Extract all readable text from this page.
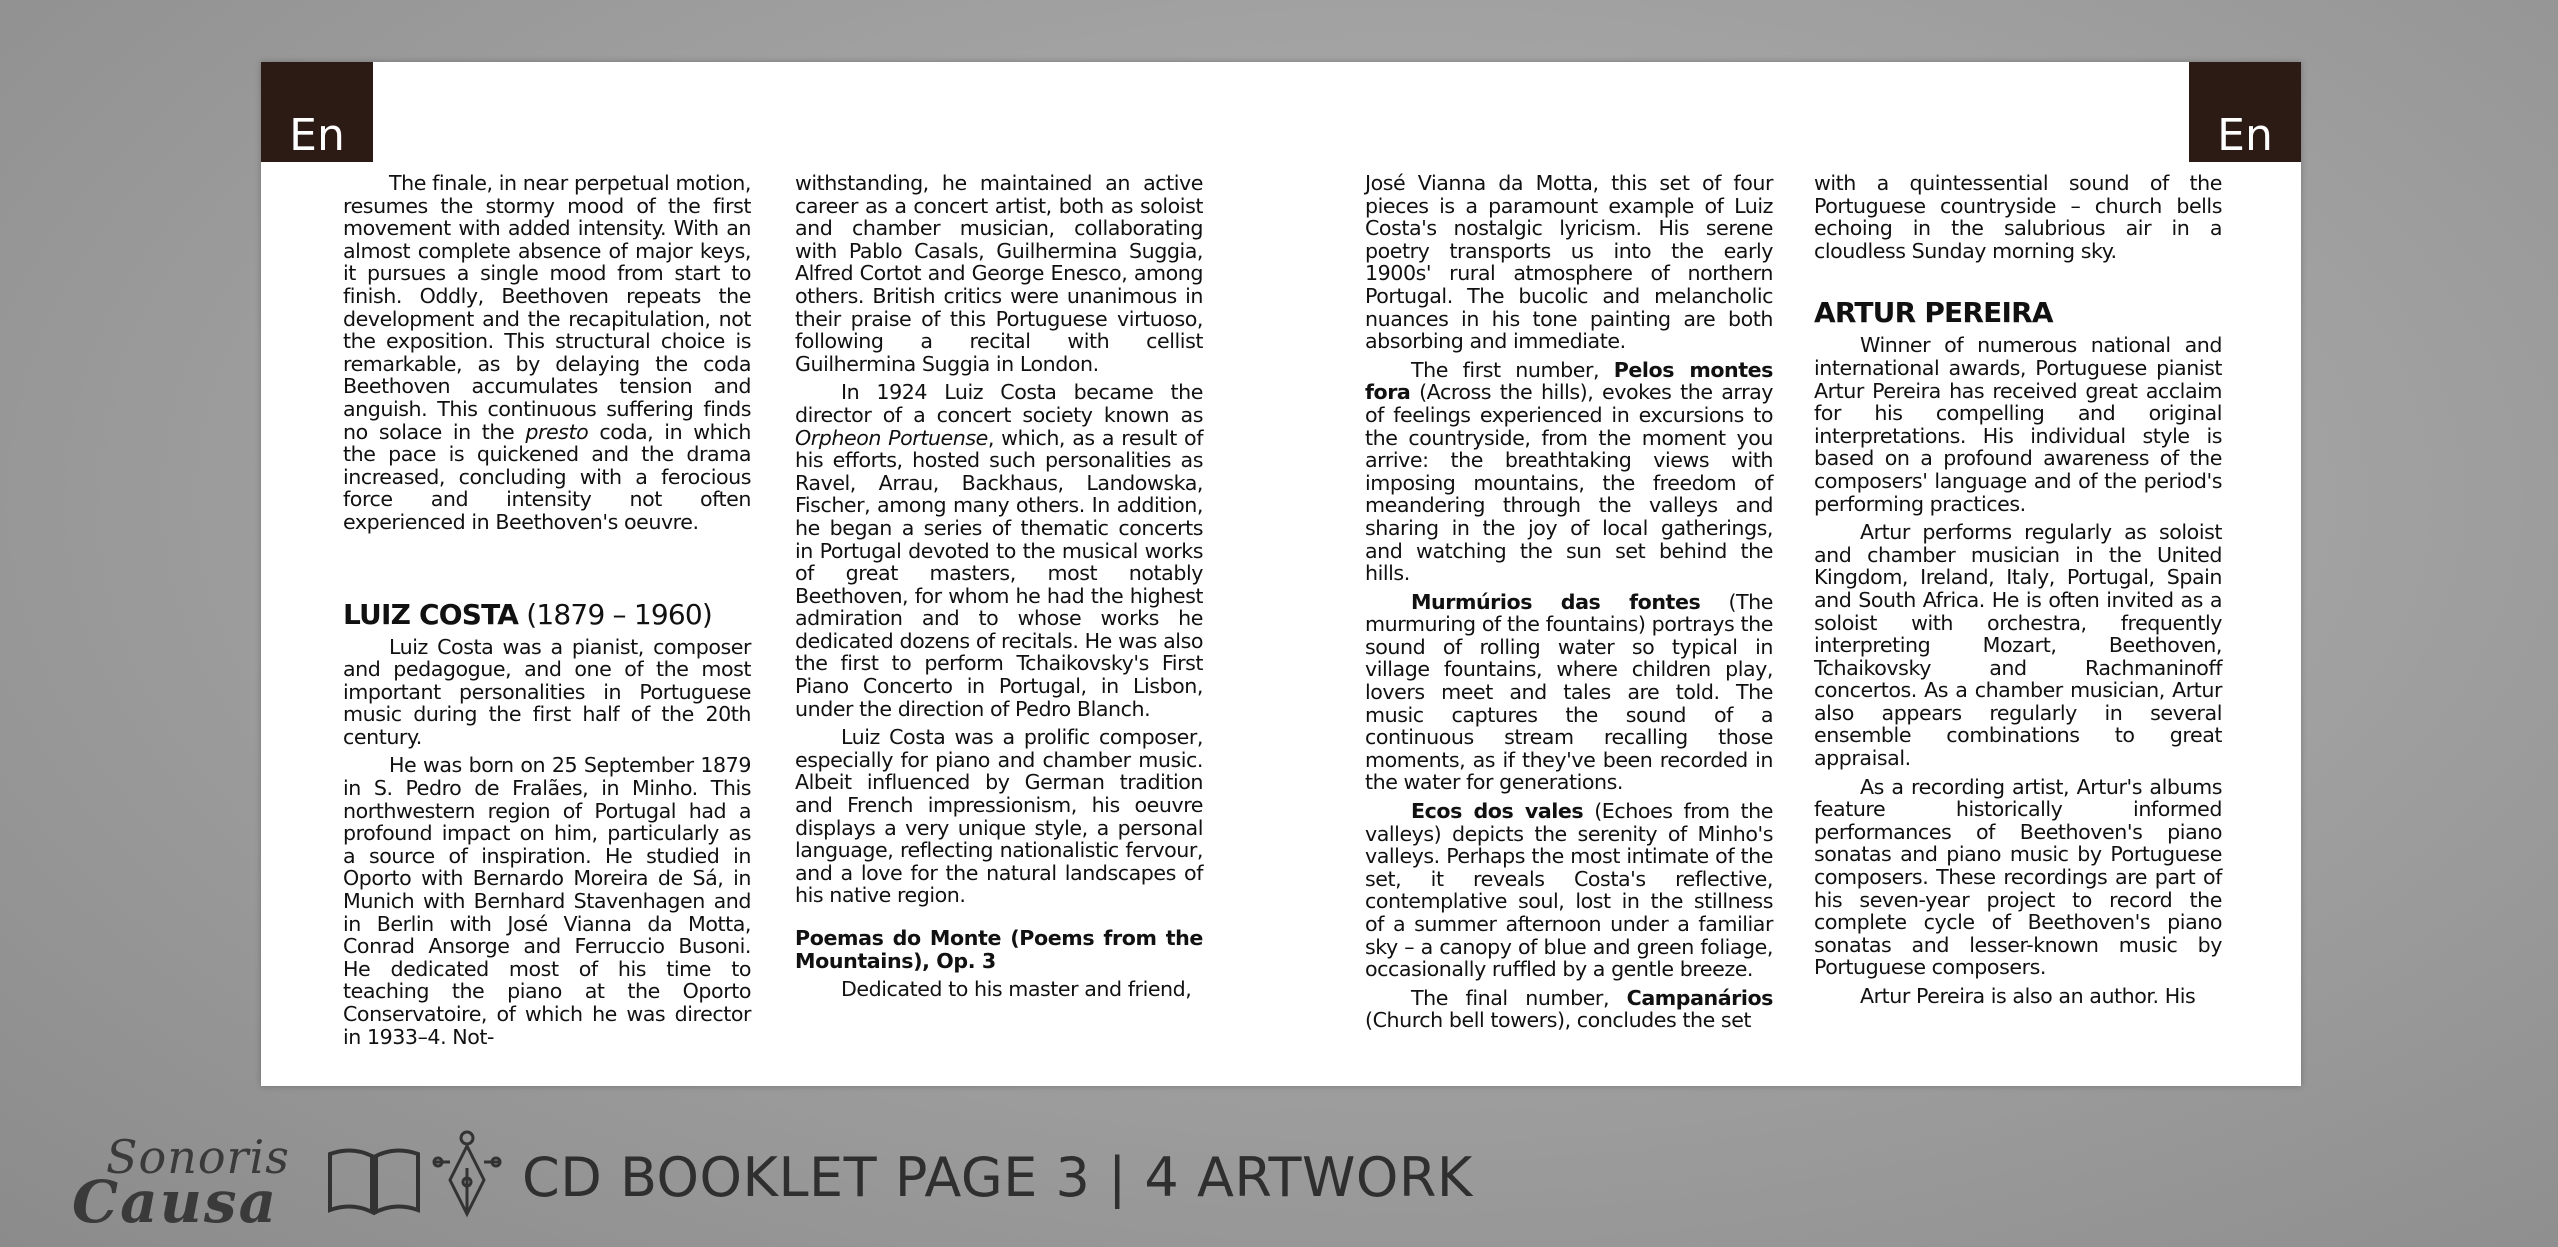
En	En

The finale, in near perpetual motion, resumes the stormy mood of the first movement with added intensity. With an almost complete absence of major keys, it pursues a single mood from start to finish. Oddly, Beethoven repeats the development and the recapitulation, not the exposition. This structural choice is remarkable, as by delaying the coda Beethoven accumulates tension and anguish. This continuous suffering finds no solace in the presto coda, in which the pace is quickened and the drama increased, concluding with a ferocious force and intensity not often experienced in Beethoven's oeuvre.

LUIZ COSTA (1879 – 1960)

Luiz Costa was a pianist, composer and pedagogue, and one of the most important personalities in Portuguese music during the first half of the 20th century.

He was born on 25 September 1879 in S. Pedro de Fralães, in Minho. This northwestern region of Portugal had a profound impact on him, particularly as a source of inspiration. He studied in Oporto with Bernardo Moreira de Sá, in Munich with Bernhard Stavenhagen and in Berlin with José Vianna da Motta, Conrad Ansorge and Ferruccio Busoni. He dedicated most of his time to teaching the piano at the Oporto Conservatoire, of which he was director in 1933–4. Not-

withstanding, he maintained an active career as a concert artist, both as soloist and chamber musician, collaborating with Pablo Casals, Guilhermina Suggia, Alfred Cortot and George Enesco, among others. British critics were unanimous in their praise of this Portuguese virtuoso, following a recital with cellist Guilhermina Suggia in London.

In 1924 Luiz Costa became the director of a concert society known as Orpheon Portuense, which, as a result of his efforts, hosted such personalities as Ravel, Arrau, Backhaus, Landowska, Fischer, among many others. In addition, he began a series of thematic concerts in Portugal devoted to the musical works of great masters, most notably Beethoven, for whom he had the highest admiration and to whose works he dedicated dozens of recitals. He was also the first to perform Tchaikovsky's First Piano Concerto in Portugal, in Lisbon, under the direction of Pedro Blanch.

Luiz Costa was a prolific composer, especially for piano and chamber music. Albeit influenced by German tradition and French impressionism, his oeuvre displays a very unique style, a personal language, reflecting nationalistic fervour, and a love for the natural landscapes of his native region.

Poemas do Monte (Poems from the Mountains), Op. 3

Dedicated to his master and friend,

José Vianna da Motta, this set of four pieces is a paramount example of Luiz Costa's nostalgic lyricism. His serene poetry transports us into the early 1900s' rural atmosphere of northern Portugal. The bucolic and melancholic nuances in his tone painting are both absorbing and immediate.

The first number, Pelos montes fora (Across the hills), evokes the array of feelings experienced in excursions to the countryside, from the moment you arrive: the breathtaking views with imposing mountains, the freedom of meandering through the valleys and sharing in the joy of local gatherings, and watching the sun set behind the hills.

Murmúrios das fontes (The murmuring of the fountains) portrays the sound of rolling water so typical in village fountains, where children play, lovers meet and tales are told. The music captures the sound of a continuous stream recalling those moments, as if they've been recorded in the water for generations.

Ecos dos vales (Echoes from the valleys) depicts the serenity of Minho's valleys. Perhaps the most intimate of the set, it reveals Costa's reflective, contemplative soul, lost in the stillness of a summer afternoon under a familiar sky – a canopy of blue and green foliage, occasionally ruffled by a gentle breeze.

The final number, Campanários (Church bell towers), concludes the set

with a quintessential sound of the Portuguese countryside – church bells echoing in the salubrious air in a cloudless Sunday morning sky.

ARTUR PEREIRA

Winner of numerous national and international awards, Portuguese pianist Artur Pereira has received great acclaim for his compelling and original interpretations. His individual style is based on a profound awareness of the composers' language and of the period's performing practices.

Artur performs regularly as soloist and chamber musician in the United Kingdom, Ireland, Italy, Portugal, Spain and South Africa. He is often invited as a soloist with orchestra, frequently interpreting Mozart, Beethoven, Tchaikovsky and Rachmaninoff concertos. As a chamber musician, Artur also appears regularly in several ensemble combinations to great appraisal.

As a recording artist, Artur's albums feature historically informed performances of Beethoven's piano sonatas and piano music by Portuguese composers. These recordings are part of his seven-year project to record the complete cycle of Beethoven's piano sonatas and lesser-known music by Portuguese composers.

Artur Pereira is also an author. His

Sonoris
Causa	CD BOOKLET PAGE 3 | 4 ARTWORK
